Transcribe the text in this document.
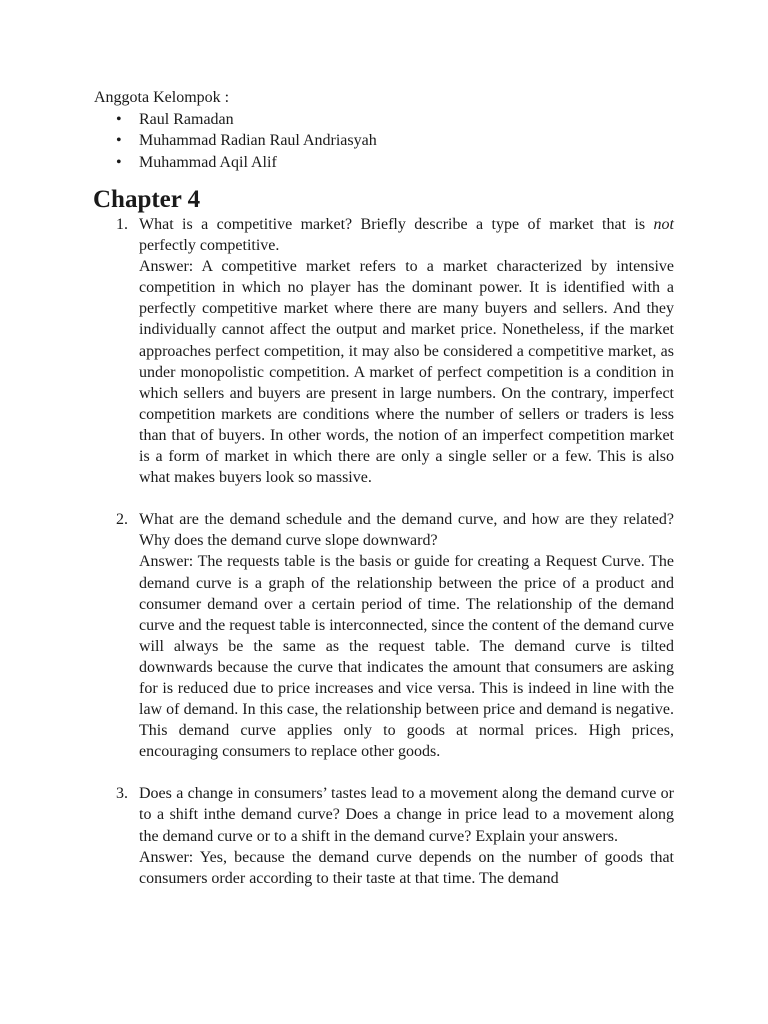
Anggota Kelompok :

• Raul Ramadan
• Muhammad Radian Raul Andriasyah
• Muhammad Aqil Alif
Chapter 4
1. What is a competitive market? Briefly describe a type of market that is not perfectly competitive.

Answer: A competitive market refers to a market characterized by intensive competition in which no player has the dominant power. It is identified with a perfectly competitive market where there are many buyers and sellers. And they individually cannot affect the output and market price. Nonetheless, if the market approaches perfect competition, it may also be considered a competitive market, as under monopolistic competition. A market of perfect competition is a condition in which sellers and buyers are present in large numbers. On the contrary, imperfect competition markets are conditions where the number of sellers or traders is less than that of buyers. In other words, the notion of an imperfect competition market is a form of market in which there are only a single seller or a few. This is also what makes buyers look so massive.

2. What are the demand schedule and the demand curve, and how are they related? Why does the demand curve slope downward?

Answer: The requests table is the basis or guide for creating a Request Curve. The demand curve is a graph of the relationship between the price of a product and consumer demand over a certain period of time. The relationship of the demand curve and the request table is interconnected, since the content of the demand curve will always be the same as the request table. The demand curve is tilted downwards because the curve that indicates the amount that consumers are asking for is reduced due to price increases and vice versa. This is indeed in line with the law of demand. In this case, the relationship between price and demand is negative. This demand curve applies only to goods at normal prices. High prices, encouraging consumers to replace other goods.

3. Does a change in consumers’ tastes lead to a movement along the demand curve or to a shift inthe demand curve? Does a change in price lead to a movement along the demand curve or to a shift in the demand curve? Explain your answers.

Answer: Yes, because the demand curve depends on the number of goods that consumers order according to their taste at that time. The demand
